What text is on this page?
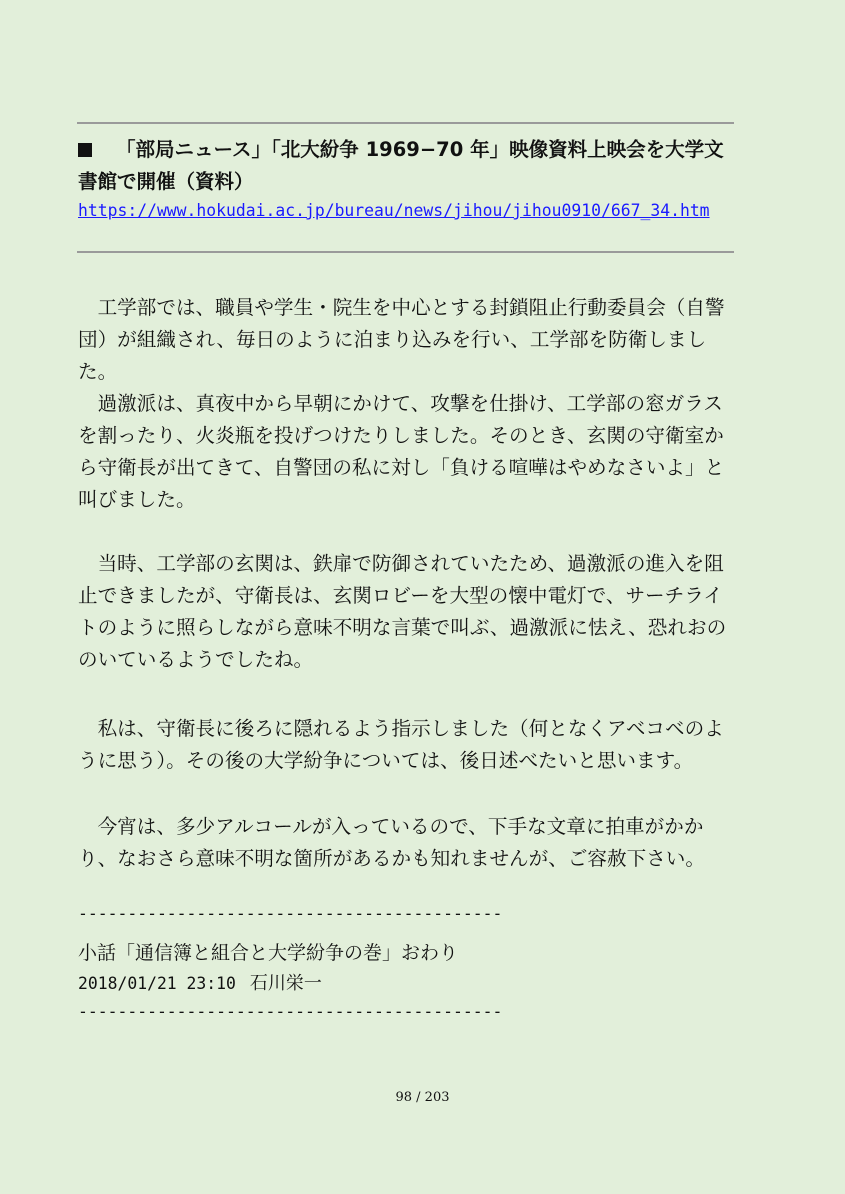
「部局ニュース」「北大紛争 1969−70 年」映像資料上映会を大学文書館で開催（資料）
https://www.hokudai.ac.jp/bureau/news/jihou/jihou0910/667_34.htm

工学部では、職員や学生・院生を中心とする封鎖阻止行動委員会（自警団）が組織され、毎日のように泊まり込みを行い、工学部を防衛しました。

過激派は、真夜中から早朝にかけて、攻撃を仕掛け、工学部の窓ガラスを割ったり、火炎瓶を投げつけたりしました。そのとき、玄関の守衛室から守衛長が出てきて、自警団の私に対し「負ける喧嘩はやめなさいよ」と叫びました。

当時、工学部の玄関は、鉄扉で防御されていたため、過激派の進入を阻止できましたが、守衛長は、玄関ロビーを大型の懐中電灯で、サーチライトのように照らしながら意味不明な言葉で叫ぶ、過激派に怯え、恐れおののいているようでしたね。

私は、守衛長に後ろに隠れるよう指示しました（何となくアベコベのように思う）。その後の大学紛争については、後日述べたいと思います。

今宵は、多少アルコールが入っているので、下手な文章に拍車がかかり、なおさら意味不明な箇所があるかも知れませんが、ご容赦下さい。

-------------------------------------------
小話「通信簿と組合と大学紛争の巻」おわり
2018/01/21 23:10 石川栄一
-------------------------------------------
98 / 203
